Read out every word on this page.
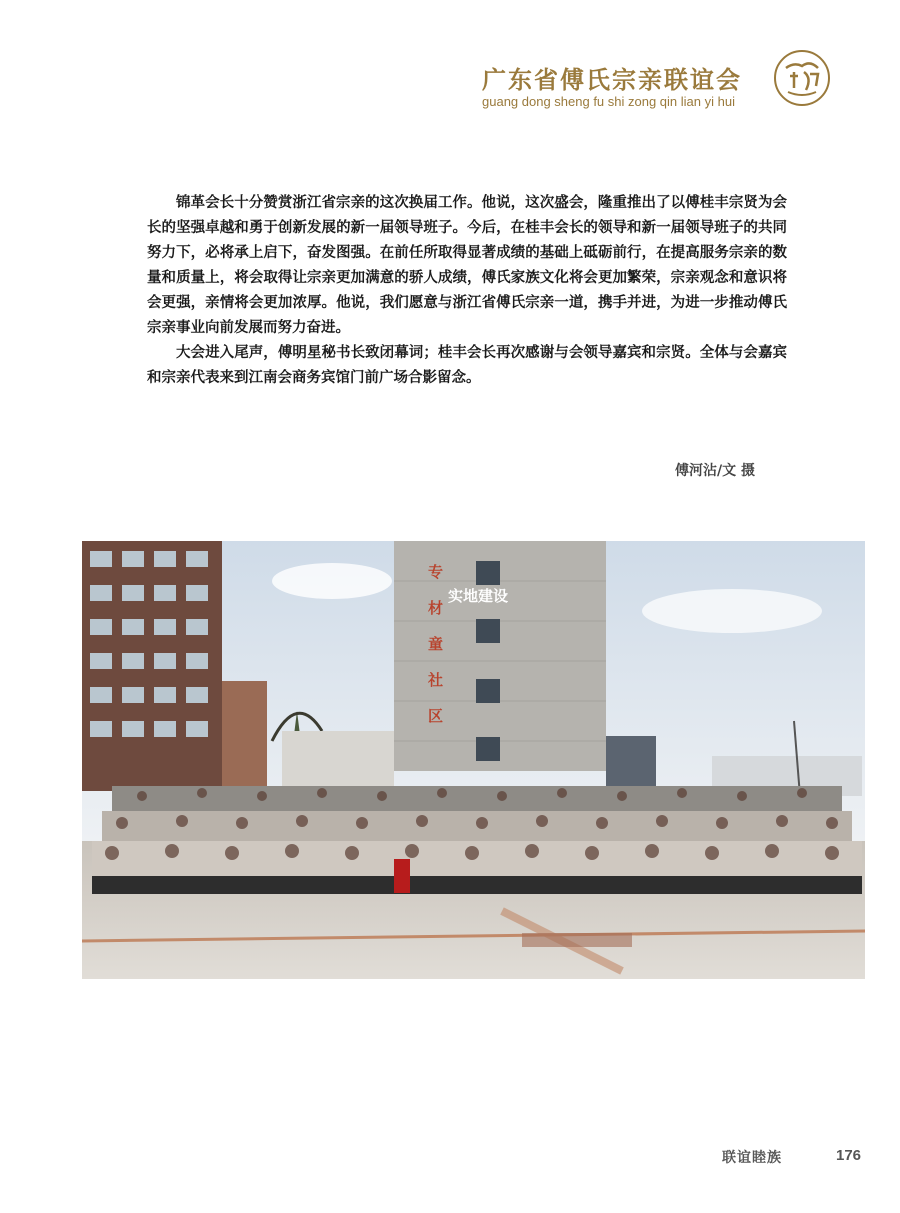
广东省傅氏宗亲联谊会
guang dong sheng fu shi zong qin lian yi hui

锦革会长十分赞赏浙江省宗亲的这次换届工作。他说，这次盛会，隆重推出了以傅桂丰宗贤为会长的坚强卓越和勇于创新发展的新一届领导班子。今后，在桂丰会长的领导和新一届领导班子的共同努力下，必将承上启下，奋发图强。在前任所取得显著成绩的基础上砥砺前行，在提高服务宗亲的数量和质量上，将会取得让宗亲更加满意的骄人成绩，傅氏家族文化将会更加繁荣，宗亲观念和意识将会更强，亲情将会更加浓厚。他说，我们愿意与浙江省傅氏宗亲一道，携手并进，为进一步推动傅氏宗亲事业向前发展而努力奋进。

大会进入尾声，傅明星秘书长致闭幕词；桂丰会长再次感谢与会领导嘉宾和宗贤。全体与会嘉宾和宗亲代表来到江南会商务宾馆门前广场合影留念。

傅河沾/文 摄
实地建设
专
材
童
社
区
联谊睦族	176
